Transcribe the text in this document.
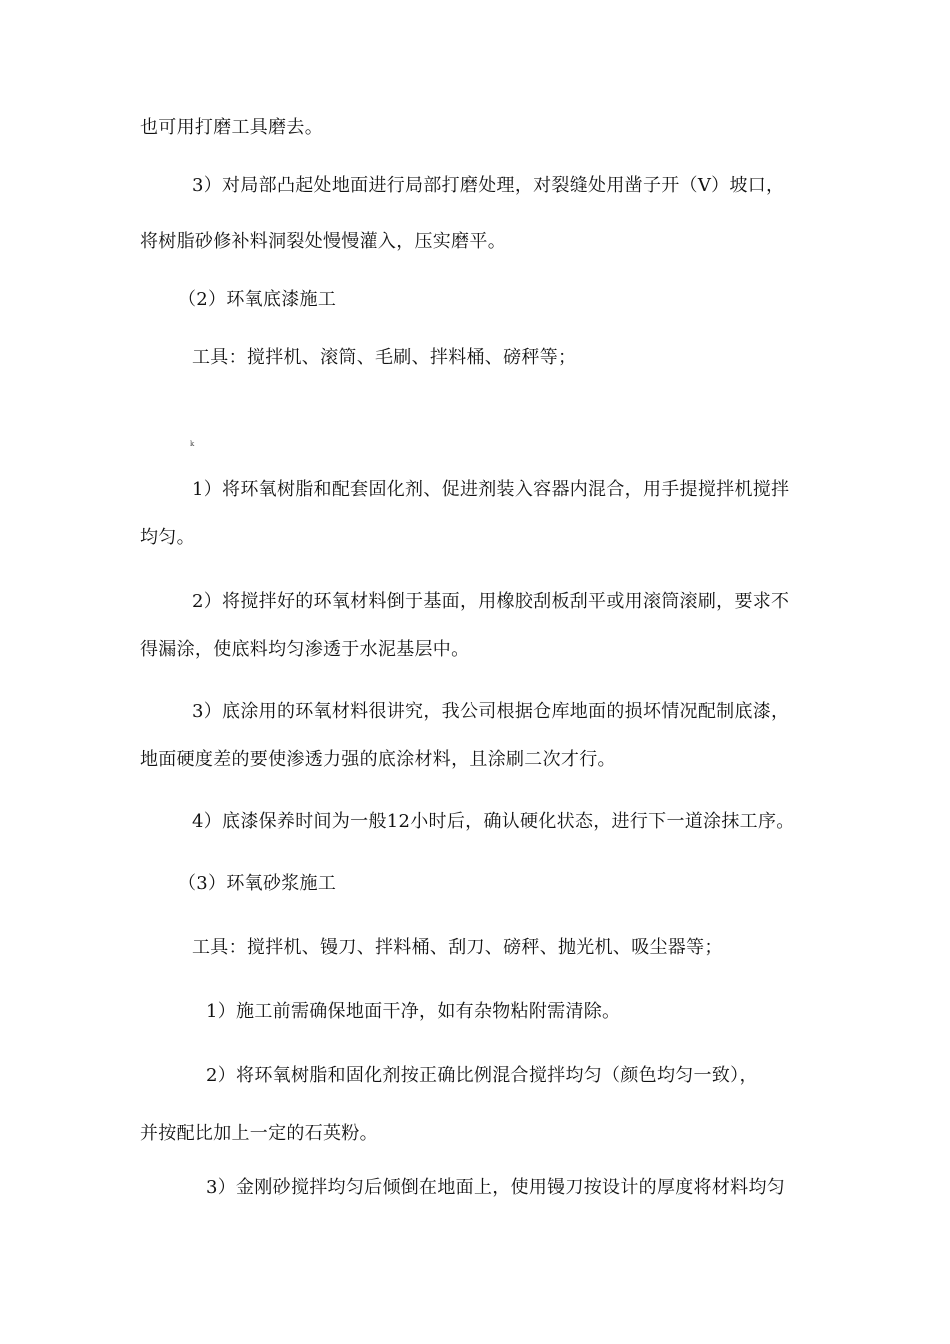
也可用打磨工具磨去。
3）对局部凸起处地面进行局部打磨处理，对裂缝处用凿子开（V）坡口，
将树脂砂修补料洞裂处慢慢灌入，压实磨平。
（2）环氧底漆施工
工具：搅拌机、滚筒、毛刷、拌料桶、磅秤等；
k
1）将环氧树脂和配套固化剂、促进剂装入容器内混合，用手提搅拌机搅拌
均匀。
2）将搅拌好的环氧材料倒于基面，用橡胶刮板刮平或用滚筒滚刷，要求不
得漏涂，使底料均匀渗透于水泥基层中。
3）底涂用的环氧材料很讲究，我公司根据仓库地面的损坏情况配制底漆，
地面硬度差的要使渗透力强的底涂材料，且涂刷二次才行。
4）底漆保养时间为一般12小时后，确认硬化状态，进行下一道涂抹工序。
（3）环氧砂浆施工
工具：搅拌机、镘刀、拌料桶、刮刀、磅秤、抛光机、吸尘器等；
1）施工前需确保地面干净，如有杂物粘附需清除。
2）将环氧树脂和固化剂按正确比例混合搅拌均匀（颜色均匀一致），
并按配比加上一定的石英粉。
3）金刚砂搅拌均匀后倾倒在地面上，使用镘刀按设计的厚度将材料均匀
